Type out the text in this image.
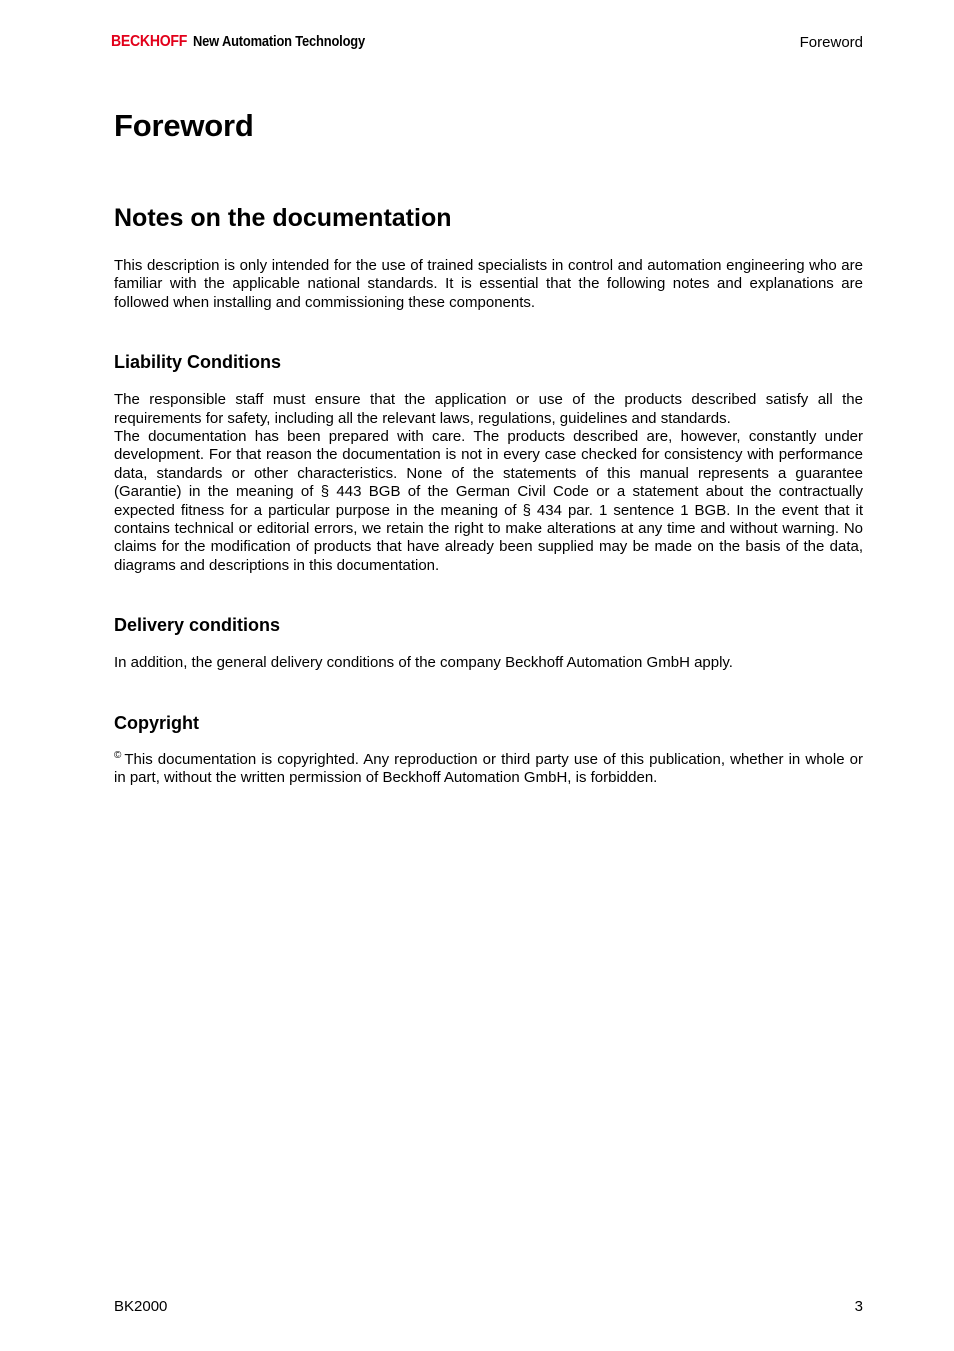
BECKHOFF New Automation Technology	Foreword
Foreword
Notes on the documentation

This description is only intended for the use of trained specialists in control and automation engineering who are familiar with the applicable national standards. It is essential that the following notes and explanations are followed when installing and commissioning these components.

Liability Conditions

The responsible staff must ensure that the application or use of the products described satisfy all the requirements for safety, including all the relevant laws, regulations, guidelines and standards.

The documentation has been prepared with care. The products described are, however, constantly under development. For that reason the documentation is not in every case checked for consistency with performance data, standards or other characteristics. None of the statements of this manual represents a guarantee (Garantie) in the meaning of § 443 BGB of the German Civil Code or a statement about the contractually expected fitness for a particular purpose in the meaning of § 434 par. 1 sentence 1 BGB. In the event that it contains technical or editorial errors, we retain the right to make alterations at any time and without warning. No claims for the modification of products that have already been supplied may be made on the basis of the data, diagrams and descriptions in this documentation.

Delivery conditions

In addition, the general delivery conditions of the company Beckhoff Automation GmbH apply.

Copyright

© This documentation is copyrighted. Any reproduction or third party use of this publication, whether in whole or in part, without the written permission of Beckhoff Automation GmbH, is forbidden.

BK2000	3
